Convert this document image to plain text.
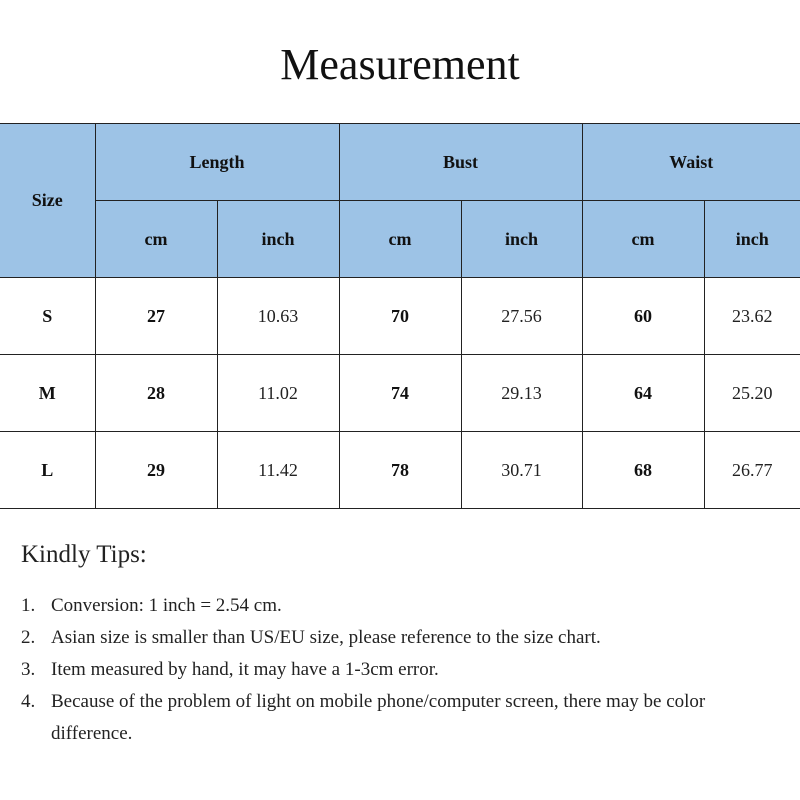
Measurement
Size	Length		Bust		Waist	
	cm	inch	cm	inch	cm	inch
S	27	10.63	70	27.56	60	23.62
M	28	11.02	74	29.13	64	25.20
L	29	11.42	78	30.71	68	26.77
Kindly Tips:
1. Conversion: 1 inch = 2.54 cm.
2. Asian size is smaller than US/EU size, please reference to the size chart.
3. Item measured by hand, it may have a 1-3cm error.
4. Because of the problem of light on mobile phone/computer screen, there may be color difference.
